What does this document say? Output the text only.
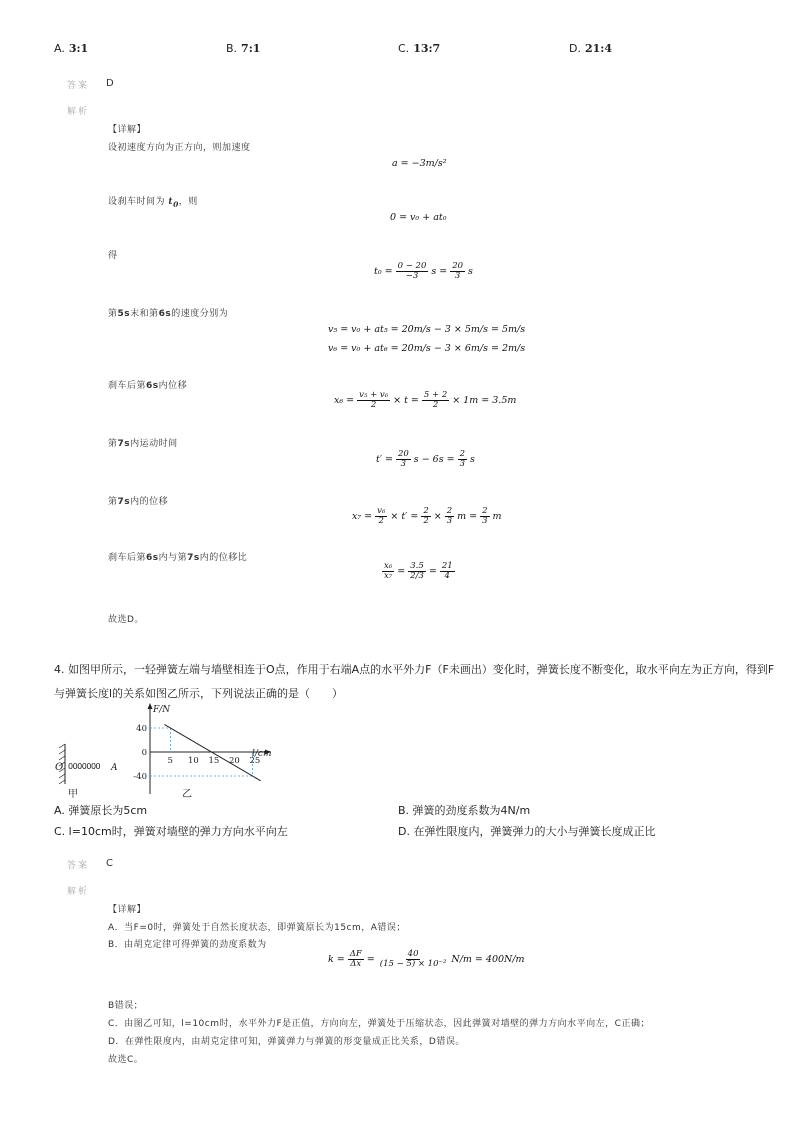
A. 3:1	B. 7:1	C. 13:7	D. 21:4
答案 D
解析
【详解】
设初速度方向为正方向，则加速度
a = −3m/s²
设刹车时间为 $t_0$，则
0 = v₀ + at₀
得
$t_0 = \frac{0 - 20}{-3}$ $s = \frac{20}{3}$ s
第5s末和第6s的速度分别为
v₅ = v₀ + at₅ = 20m/s − 3 × 5m/s = 5m/s
v₆ = v₀ + at₆ = 20m/s − 3 × 6m/s = 2m/s
刹车后第6s内位移
$x_6 = \frac{\text{v₅ + v₆}}{2} \times t = \frac{5 + 2}{2} \times 1m = 3.5m$
第7s内运动时间
$t' = \frac{20}{3}$ $s - 6s = \frac{2}{3}$ s
第7s内的位移
$x_7 = \frac{\text{v₆}}{2} \times t' = \frac{2}{2} \times \frac{2}{3}$ $m = \frac{2}{3}$ m
刹车后第6s内与第7s内的位移比
$\frac{\text{x₆}}{\text{x₇}} = \frac{3.5}{2/3} = \frac{21}{4}$
故选D。
4. 如图甲所示，一轻弹簧左端与墙壁相连于O点，作用于右端A点的水平外力F（F未画出）变化时，弹簧长度不断变化，取水平向左为正方向，得到F
与弹簧长度l的关系如图乙所示，下列说法正确的是（　　）
O 0000000 A
甲
F/N
l/cm
5 10 15 20 25
40
0
-40
乙
A. 弹簧原长为5cm	B. 弹簧的劲度系数为4N/m
C. l=10cm时，弹簧对墙壁的弹力方向水平向左	D. 在弹性限度内，弹簧弹力的大小与弹簧长度成正比
答案 C
解析
【详解】
A．当F=0时，弹簧处于自然长度状态，即弹簧原长为15cm，A错误；
B．由胡克定律可得弹簧的劲度系数为
$k = \frac{\Delta F}{\Delta x} = \frac{40}{\text{(15 − 5) × 10⁻²}} N/m = 400N/m$
B错误；
C．由图乙可知，l=10cm时，水平外力F是正值，方向向左，弹簧处于压缩状态，因此弹簧对墙壁的弹力方向水平向左，C正确；
D．在弹性限度内，由胡克定律可知，弹簧弹力与弹簧的形变量成正比关系，D错误。
故选C。
